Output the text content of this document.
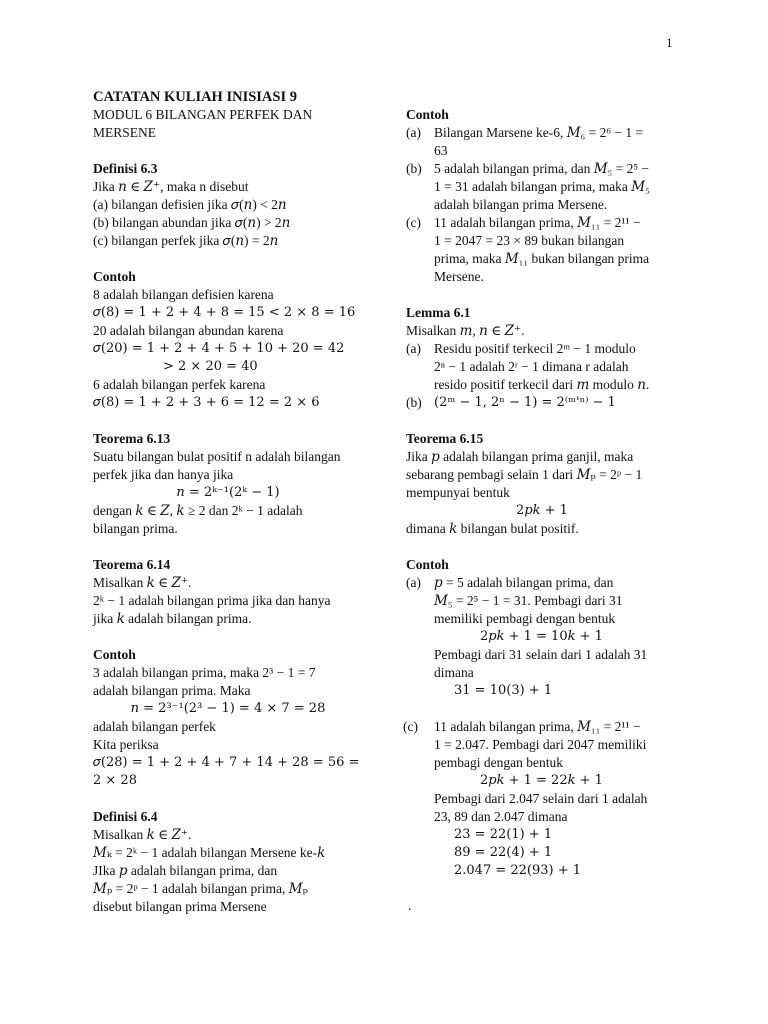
1
CATATAN KULIAH INISIASI 9
MODUL 6 BILANGAN PERFEK DAN
MERSENE
Definisi 6.3
Jika 𝑛 ∈ 𝑍⁺, maka n disebut
(a) bilangan defisien jika 𝜎(𝑛) < 2𝑛
(b) bilangan abundan jika 𝜎(𝑛) > 2𝑛
(c) bilangan perfek jika 𝜎(𝑛) = 2𝑛
Contoh
8 adalah bilangan defisien karena
𝜎(8) = 1 + 2 + 4 + 8 = 15 < 2 × 8 = 16
20 adalah bilangan abundan karena
𝜎(20) = 1 + 2 + 4 + 5 + 10 + 20 = 42
> 2 × 20 = 40
6 adalah bilangan perfek karena
𝜎(8) = 1 + 2 + 3 + 6 = 12 = 2 × 6
Teorema 6.13
Suatu bilangan bulat positif n adalah bilangan
perfek jika dan hanya jika
𝑛 = 2ᵏ⁻¹(2ᵏ − 1)
dengan 𝑘 ∈ 𝑍, 𝑘 ≥ 2 dan 2ᵏ − 1 adalah
bilangan prima.
Teorema 6.14
Misalkan 𝑘 ∈ 𝑍⁺.
2ᵏ − 1 adalah bilangan prima jika dan hanya
jika 𝑘 adalah bilangan prima.
Contoh
3 adalah bilangan prima, maka 2³ − 1 = 7
adalah bilangan prima. Maka
𝑛 = 2³⁻¹(2³ − 1) = 4 × 7 = 28
adalah bilangan perfek
Kita periksa
𝜎(28) = 1 + 2 + 4 + 7 + 14 + 28 = 56 =
2 × 28
Definisi 6.4
Misalkan 𝑘 ∈ 𝑍⁺.
𝑀ₖ = 2ᵏ − 1 adalah bilangan Mersene ke-𝑘
JIka 𝑝 adalah bilangan prima, dan
𝑀ₚ = 2ᵖ − 1 adalah bilangan prima, 𝑀ₚ
disebut bilangan prima Mersene
Contoh
(a) Bilangan Marsene ke-6, 𝑀₆ = 2⁶ − 1 =
63
(b) 5 adalah bilangan prima, dan 𝑀₅ = 2⁵ −
1 = 31 adalah bilangan prima, maka 𝑀₅
adalah bilangan prima Mersene.
(c) 11 adalah bilangan prima, 𝑀₁₁ = 2¹¹ −
1 = 2047 = 23 × 89 bukan bilangan
prima, maka 𝑀₁₁ bukan bilangan prima
Mersene.
Lemma 6.1
Misalkan 𝑚, 𝑛 ∈ 𝑍⁺.
(a) Residu positif terkecil 2ᵐ − 1 modulo
2ⁿ − 1 adalah 2ʳ − 1 dimana r adalah
resido positif terkecil dari 𝑚 modulo 𝑛.
(b) (2ᵐ − 1, 2ⁿ − 1) = 2⁽ᵐ'ⁿ⁾ − 1
Teorema 6.15
Jika 𝑝 adalah bilangan prima ganjil, maka
sebarang pembagi selain 1 dari 𝑀ₚ = 2ᵖ − 1
mempunyai bentuk
2𝑝𝑘 + 1
dimana 𝑘 bilangan bulat positif.
Contoh
(a) 𝑝 = 5 adalah bilangan prima, dan
𝑀₅ = 2⁵ − 1 = 31. Pembagi dari 31
memiliki pembagi dengan bentuk
2𝑝𝑘 + 1 = 10𝑘 + 1
Pembagi dari 31 selain dari 1 adalah 31
dimana
31 = 10(3) + 1
(c)	11 adalah bilangan prima, 𝑀₁₁ = 2¹¹ −
1 = 2.047. Pembagi dari 2047 memiliki
pembagi dengan bentuk
2𝑝𝑘 + 1 = 22𝑘 + 1
Pembagi dari 2.047 selain dari 1 adalah
23, 89 dan 2.047 dimana
23 = 22(1) + 1
89 = 22(4) + 1
2.047 = 22(93) + 1
.
